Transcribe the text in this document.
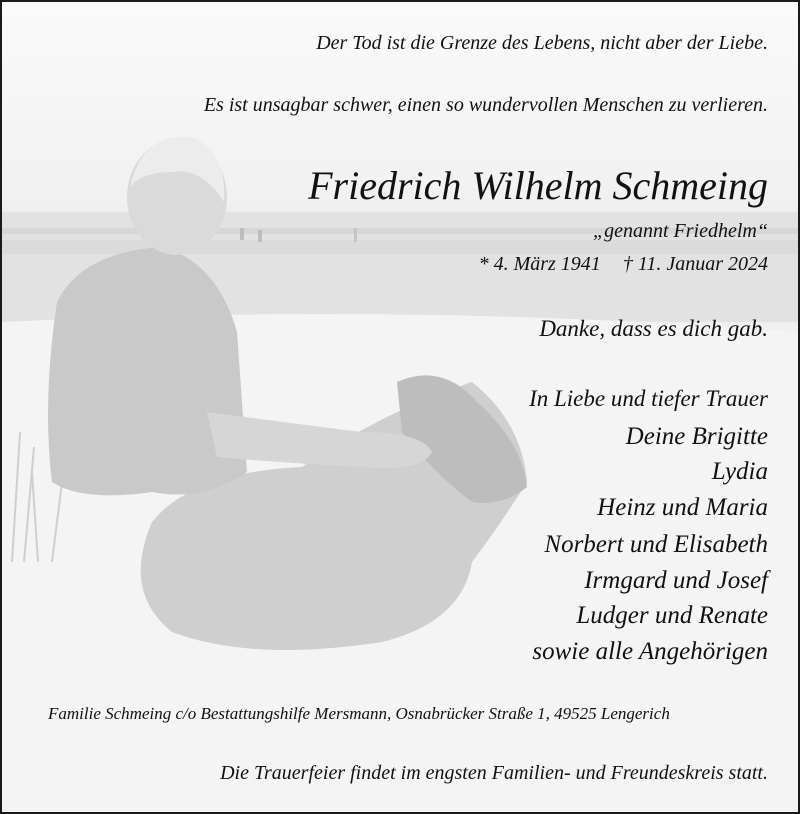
Der Tod ist die Grenze des Lebens, nicht aber der Liebe.

Es ist unsagbar schwer, einen so wundervollen Menschen zu verlieren.

Friedrich Wilhelm Schmeing

„genannt Friedhelm“

* 4. März 1941 † 11. Januar 2024

Danke, dass es dich gab.

In Liebe und tiefer Trauer

Deine Brigitte

Lydia

Heinz und Maria

Norbert und Elisabeth

Irmgard und Josef

Ludger und Renate

sowie alle Angehörigen

Familie Schmeing c/o Bestattungshilfe Mersmann, Osnabrücker Straße 1, 49525 Lengerich

Die Trauerfeier findet im engsten Familien- und Freundeskreis statt.
